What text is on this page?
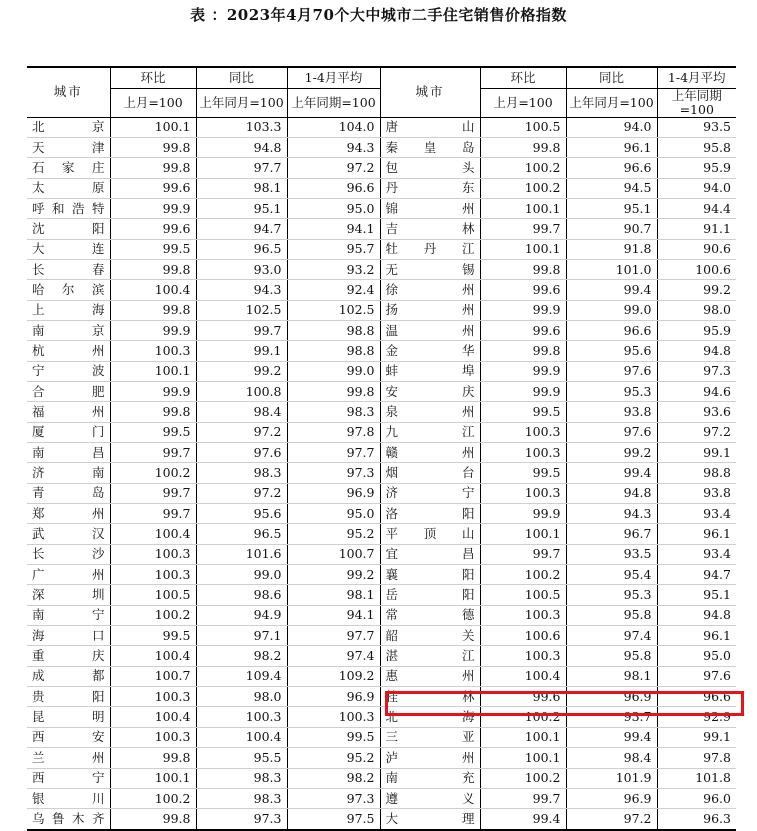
表 ：2023年4月70个大中城市二手住宅销售价格指数
城市	环比	同比	1-4月平均	城市	环比	同比	1-4月平均
	上月=100	上年同月=100	上年同期=100		上月=100	上年同月=100	上年同期=100
北京	100.1	103.3	104.0	唐山	100.5	94.0	93.5
天津	99.8	94.8	94.3	秦皇岛	99.8	96.1	95.8
石家庄	99.8	97.7	97.2	包头	100.2	96.6	95.9
太原	99.6	98.1	96.6	丹东	100.2	94.5	94.0
呼和浩特	99.9	95.1	95.0	锦州	100.1	95.1	94.4
沈阳	99.6	94.7	94.1	吉林	99.7	90.7	91.1
大连	99.5	96.5	95.7	牡丹江	100.1	91.8	90.6
长春	99.8	93.0	93.2	无锡	99.8	101.0	100.6
哈尔滨	100.4	94.3	92.4	徐州	99.6	99.4	99.2
上海	99.8	102.5	102.5	扬州	99.9	99.0	98.0
南京	99.9	99.7	98.8	温州	99.6	96.6	95.9
杭州	100.3	99.1	98.8	金华	99.8	95.6	94.8
宁波	100.1	99.2	99.0	蚌埠	99.9	97.6	97.3
合肥	99.9	100.8	99.8	安庆	99.9	95.3	94.6
福州	99.8	98.4	98.3	泉州	99.5	93.8	93.6
厦门	99.5	97.2	97.8	九江	100.3	97.6	97.2
南昌	99.7	97.6	97.7	赣州	100.3	99.2	99.1
济南	100.2	98.3	97.3	烟台	99.5	99.4	98.8
青岛	99.7	97.2	96.9	济宁	100.3	94.8	93.8
郑州	99.7	95.6	95.0	洛阳	99.9	94.3	93.4
武汉	100.4	96.5	95.2	平顶山	100.1	96.7	96.1
长沙	100.3	101.6	100.7	宜昌	99.7	93.5	93.4
广州	100.3	99.0	99.2	襄阳	100.2	95.4	94.7
深圳	100.5	98.6	98.1	岳阳	100.5	95.3	95.1
南宁	100.2	94.9	94.1	常德	100.3	95.8	94.8
海口	99.5	97.1	97.7	韶关	100.6	97.4	96.1
重庆	100.4	98.2	97.4	湛江	100.3	95.8	95.0
成都	100.7	109.4	109.2	惠州	100.4	98.1	97.6
贵阳	100.3	98.0	96.9	桂林	99.6	96.9	96.6
昆明	100.4	100.3	100.3	北海	100.2	93.7	92.9
西安	100.3	100.4	99.5	三亚	100.1	99.4	99.1
兰州	99.8	95.5	95.2	泸州	100.1	98.4	97.8
西宁	100.1	98.3	98.2	南充	100.2	101.9	101.8
银川	100.2	98.3	97.3	遵义	99.7	96.9	96.0
乌鲁木齐	99.8	97.3	97.5	大理	99.4	97.2	96.3
